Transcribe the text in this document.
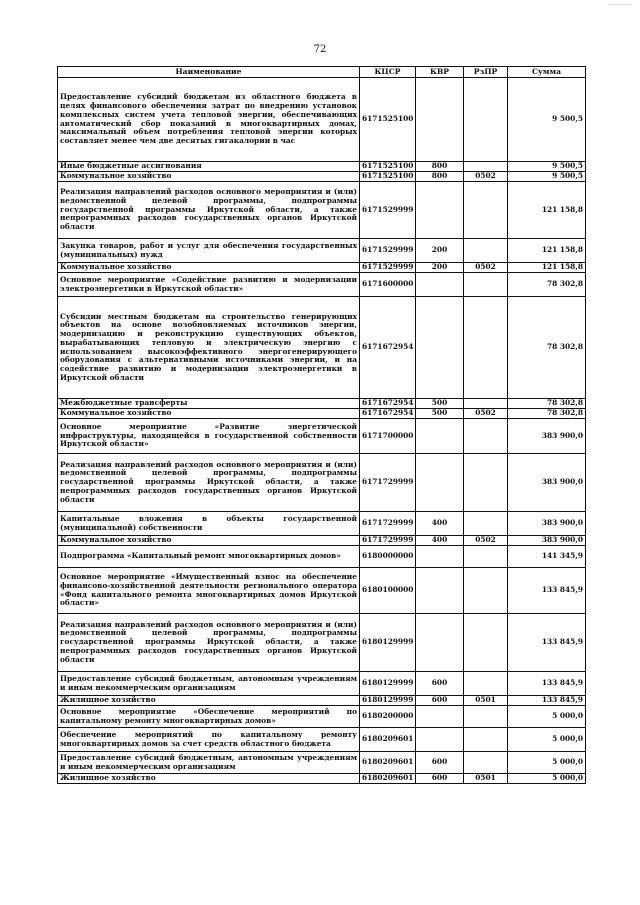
72
Наименование	КЦСР	КВР	РзПР	Сумма
Предоставление субсидий бюджетам из областного бюджета в целях финансового обеспечения затрат по внедрению установок комплексных систем учета тепловой энергии, обеспечивающих автоматический сбор показаний в многоквартирных домах, максимальный объем потребления тепловой энергии которых составляет менее чем две десятых гигакалории в час	6171525100			9 500,5
Иные бюджетные ассигнования	6171525100	800		9 500,5
Коммунальное хозяйство	6171525100	800	0502	9 500,5
Реализация направлений расходов основного мероприятия и (или) ведомственной целевой программы, подпрограммы государственной программы Иркутской области, а также непрограммных расходов государственных органов Иркутской области	6171529999			121 158,8
Закупка товаров, работ и услуг для обеспечения государственных (муниципальных) нужд	6171529999	200		121 158,8
Коммунальное хозяйство	6171529999	200	0502	121 158,8
Основное мероприятие «Содействие развитию и модернизации электроэнергетики в Иркутской области»	6171600000			78 302,8
Субсидии местным бюджетам на строительство генерирующих объектов на основе возобновляемых источников энергии, модернизацию и реконструкцию существующих объектов, вырабатывающих тепловую и электрическую энергию с использованием высокоэффективного энергогенерирующего оборудования с альтернативными источниками энергии, и на содействие развитию и модернизации электроэнергетики в Иркутской области	6171672954			78 302,8
Межбюджетные трансферты	6171672954	500		78 302,8
Коммунальное хозяйство	6171672954	500	0502	78 302,8
Основное мероприятие «Развитие энергетической инфраструктуры, находящейся в государственной собственности Иркутской области»	6171700000			383 900,0
Реализация направлений расходов основного мероприятия и (или) ведомственной целевой программы, подпрограммы государственной программы Иркутской области, а также непрограммных расходов государственных органов Иркутской области	6171729999			383 900,0
Капитальные вложения в объекты государственной (муниципальной) собственности	6171729999	400		383 900,0
Коммунальное хозяйство	6171729999	400	0502	383 900,0
Подпрограмма «Капитальный ремонт многоквартирных домов»	6180000000			141 345,9
Основное мероприятие «Имущественный взнос на обеспечение финансово-хозяйственной деятельности регионального оператора «Фонд капитального ремонта многоквартирных домов Иркутской области»	6180100000			133 845,9
Реализация направлений расходов основного мероприятия и (или) ведомственной целевой программы, подпрограммы государственной программы Иркутской области, а также непрограммных расходов государственных органов Иркутской области	6180129999			133 845,9
Предоставление субсидий бюджетным, автономным учреждениям и иным некоммерческим организациям	6180129999	600		133 845,9
Жилищное хозяйство	6180129999	600	0501	133 845,9
Основное мероприятие «Обеспечение мероприятий по капитальному ремонту многоквартирных домов»	6180200000			5 000,0
Обеспечение мероприятий по капитальному ремонту многоквартирных домов за счет средств областного бюджета	6180209601			5 000,0
Предоставление субсидий бюджетным, автономным учреждениям и иным некоммерческим организациям	6180209601	600		5 000,0
Жилищное хозяйство	6180209601	600	0501	5 000,0
